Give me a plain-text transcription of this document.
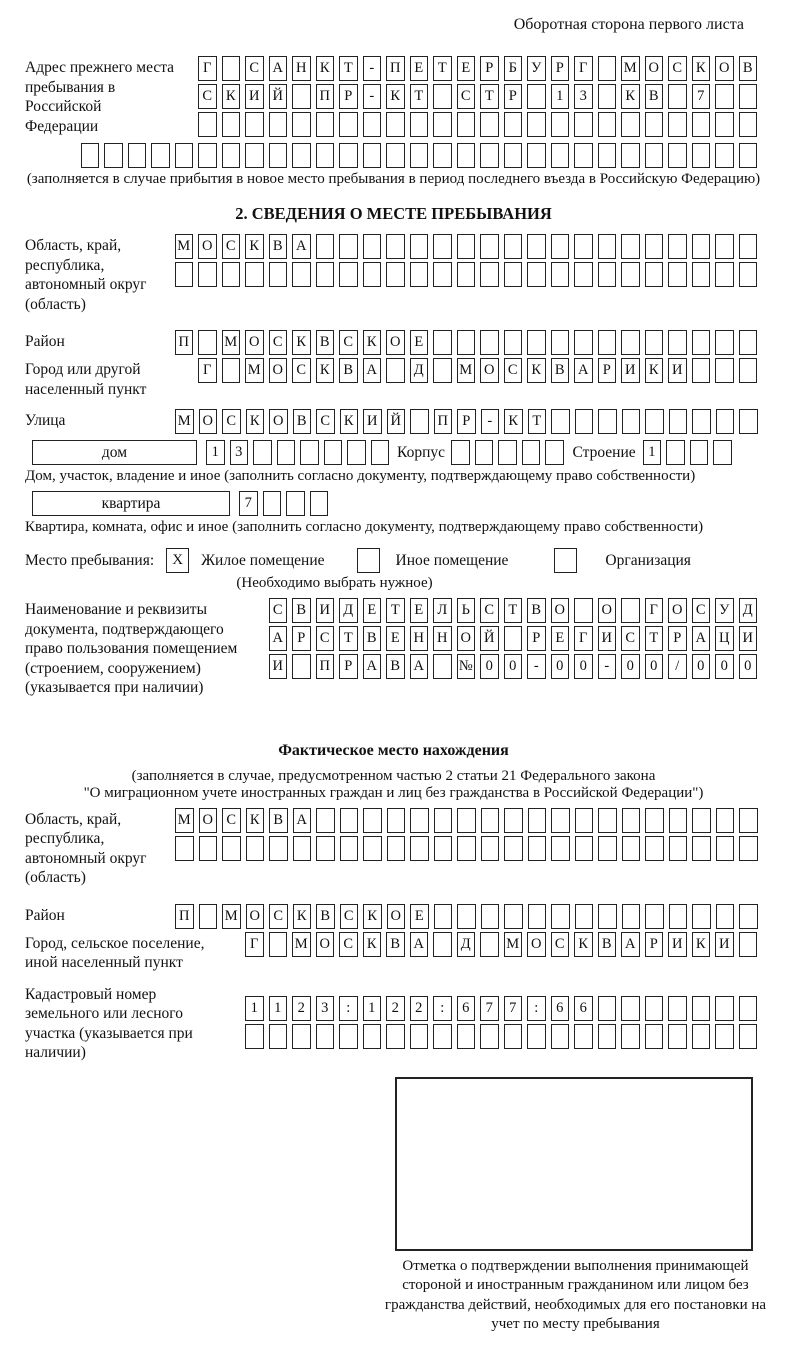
Оборотная сторона первого листа
Адрес прежнего места пребывания в Российской Федерации
Г	С А Н К Т	-	П Е	Т	Е	Р	Б У Р	Г	М О С К О В
С К И Й	П Р	-	К Т	С Т	Р	1	3	К В	7
(заполняется в случае прибытия в новое место пребывания в период последнего въезда в Российскую Федерацию)
2. СВЕДЕНИЯ О МЕСТЕ ПРЕБЫВАНИЯ
Область, край, республика, автономный округ (область)
М О С К В А
Район	П М О С К В С К О Е
Город или другой населенный пункт
Г	М О С К В А	Д М О С К В А Р И К И
Улица	М О С К О В С К И Й	П Р	-	К Т
дом	1	3	Корпус	Строение 1
Дом, участок, владение и иное (заполнить согласно документу, подтверждающему право собственности)
квартира	7
Квартира, комната, офис и иное (заполнить согласно документу, подтверждающему право собственности)
Место пребывания:	X	Жилое помещение	Иное помещение	Организация
(Необходимо выбрать нужное)
Наименование и реквизиты документа, подтверждающего право пользования помещением (строением, сооружением) (указывается при наличии)
С В И Д Е	Т	Е Л Ь	С Т В О	О	Г О С У Д
А Р	С Т В Е Н Н О Й	Р	Е	Г И С Т	Р А Ц И
И	П Р А В А № 0	0	-	0	0	-	0	0	/	0	0	0
Фактическое место нахождения
(заполняется в случае, предусмотренном частью 2 статьи 21 Федерального закона
"О миграционном учете иностранных граждан и лиц без гражданства в Российской Федерации")
Область, край, республика, автономный округ (область)
М О С К В А
Район	П М О С К В С К О Е
Город, сельское поселение, иной населенный пункт
Г	М О С К В А	Д М О С К В А Р И К И
Кадастровый номер земельного или лесного участка (указывается при наличии)
1	1	2	3	:	1	2	2	:	6	7	7	:	6	6
Отметка о подтверждении выполнения принимающей стороной и иностранным гражданином или лицом без гражданства действий, необходимых для его постановки на учет по месту пребывания
